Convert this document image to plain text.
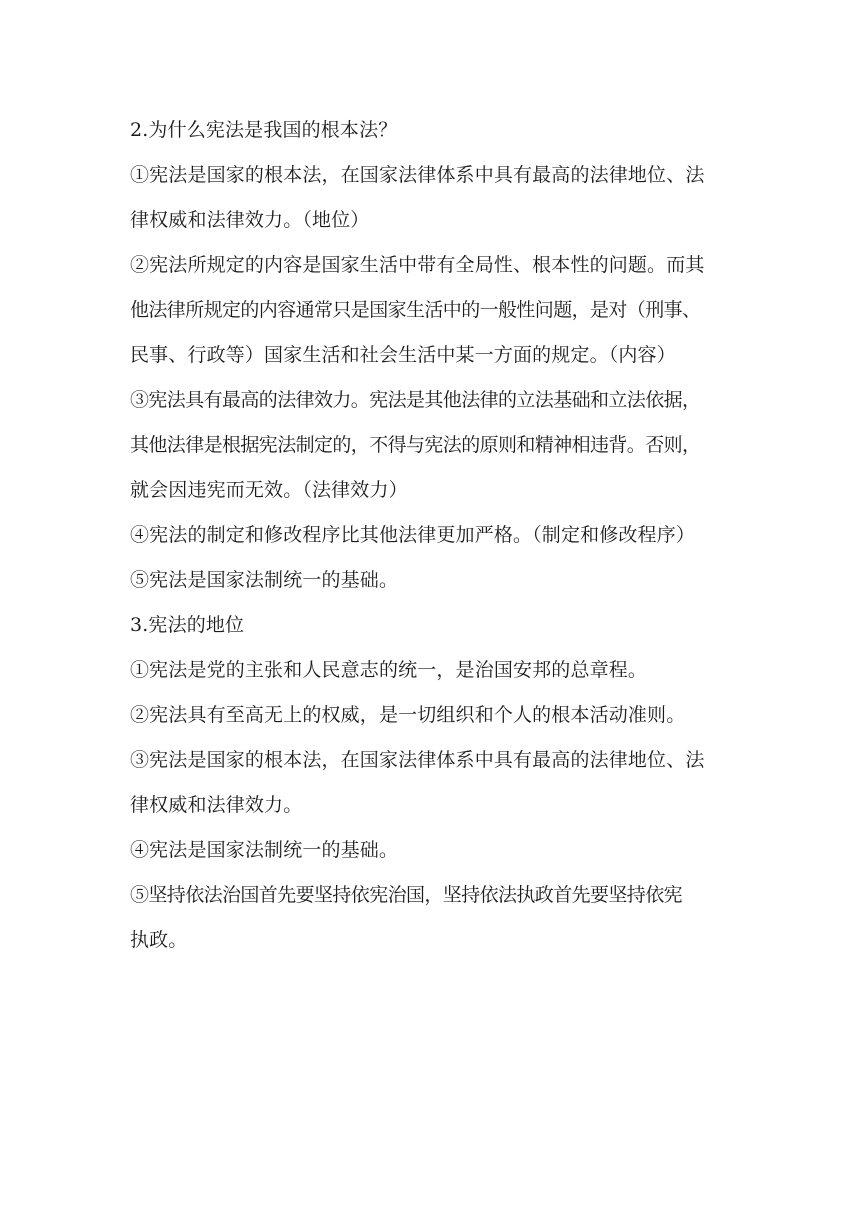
2.为什么宪法是我国的根本法？
①宪法是国家的根本法，在国家法律体系中具有最高的法律地位、法
律权威和法律效力。（地位）
②宪法所规定的内容是国家生活中带有全局性、根本性的问题。而其
他法律所规定的内容通常只是国家生活中的一般性问题，是对（刑事、
民事、行政等）国家生活和社会生活中某一方面的规定。（内容）
③宪法具有最高的法律效力。宪法是其他法律的立法基础和立法依据，
其他法律是根据宪法制定的，不得与宪法的原则和精神相违背。否则，
就会因违宪而无效。（法律效力）
④宪法的制定和修改程序比其他法律更加严格。（制定和修改程序）
⑤宪法是国家法制统一的基础。
3.宪法的地位
①宪法是党的主张和人民意志的统一，是治国安邦的总章程。
②宪法具有至高无上的权威，是一切组织和个人的根本活动准则。
③宪法是国家的根本法，在国家法律体系中具有最高的法律地位、法
律权威和法律效力。
④宪法是国家法制统一的基础。
⑤坚持依法治国首先要坚持依宪治国，坚持依法执政首先要坚持依宪
执政。
